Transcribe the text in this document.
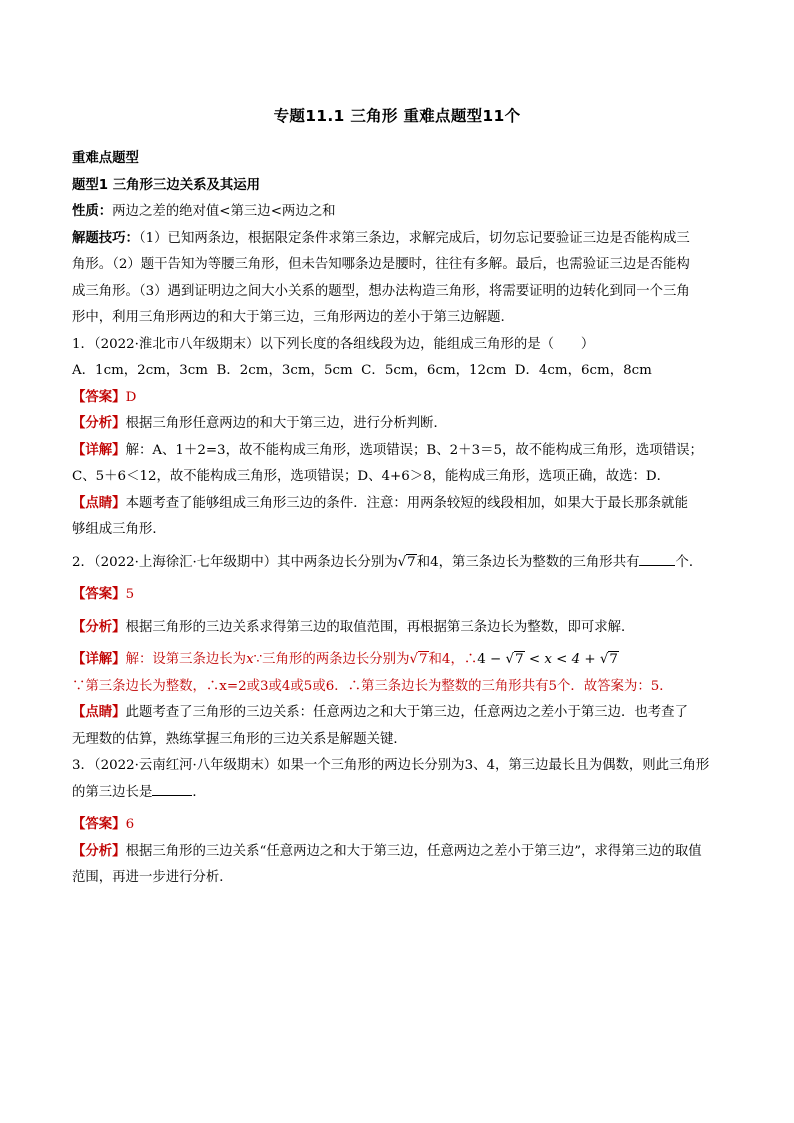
专题11.1 三角形 重难点题型11个
重难点题型
题型1 三角形三边关系及其运用
性质：两边之差的绝对值<第三边<两边之和
解题技巧：（1）已知两条边，根据限定条件求第三条边，求解完成后，切勿忘记要验证三边是否能构成三
角形。（2）题干告知为等腰三角形，但未告知哪条边是腰时，往往有多解。最后，也需验证三边是否能构
成三角形。（3）遇到证明边之间大小关系的题型，想办法构造三角形，将需要证明的边转化到同一个三角
形中，利用三角形两边的和大于第三边，三角形两边的差小于第三边解题.
1．（2022·淮北市八年级期末）以下列长度的各组线段为边，能组成三角形的是（　　）
A．1cm，2cm，3cm  B．2cm，3cm，5cm  C．5cm，6cm，12cm  D．4cm，6cm，8cm
【答案】D
【分析】根据三角形任意两边的和大于第三边，进行分析判断．
【详解】解：A、1＋2=3，故不能构成三角形，选项错误；B、2＋3＝5，故不能构成三角形，选项错误；
C、5＋6＜12，故不能构成三角形，选项错误；D、4+6＞8，能构成三角形，选项正确，故选：D．
【点睛】本题考查了能够组成三角形三边的条件．注意：用两条较短的线段相加，如果大于最长那条就能
够组成三角形．
2．（2022·上海徐汇·七年级期中）其中两条边长分别为√7和4，第三条边长为整数的三角形共有	个．
【答案】5
【分析】根据三角形的三边关系求得第三边的取值范围，再根据第三条边长为整数，即可求解．
【详解】解：设第三条边长为x∵三角形的两条边长分别为√7和4，∴4 − √7 < x < 4 + √7
∵第三条边长为整数，∴x=2或3或4或5或6．∴第三条边长为整数的三角形共有5个．故答案为：5．
【点睛】此题考查了三角形的三边关系：任意两边之和大于第三边，任意两边之差小于第三边．也考查了
无理数的估算，熟练掌握三角形的三边关系是解题关键．
3．（2022·云南红河·八年级期末）如果一个三角形的两边长分别为3、4，第三边最长且为偶数，则此三角形
的第三边长是	．
【答案】6
【分析】根据三角形的三边关系“任意两边之和大于第三边，任意两边之差小于第三边”，求得第三边的取值
范围，再进一步进行分析．
